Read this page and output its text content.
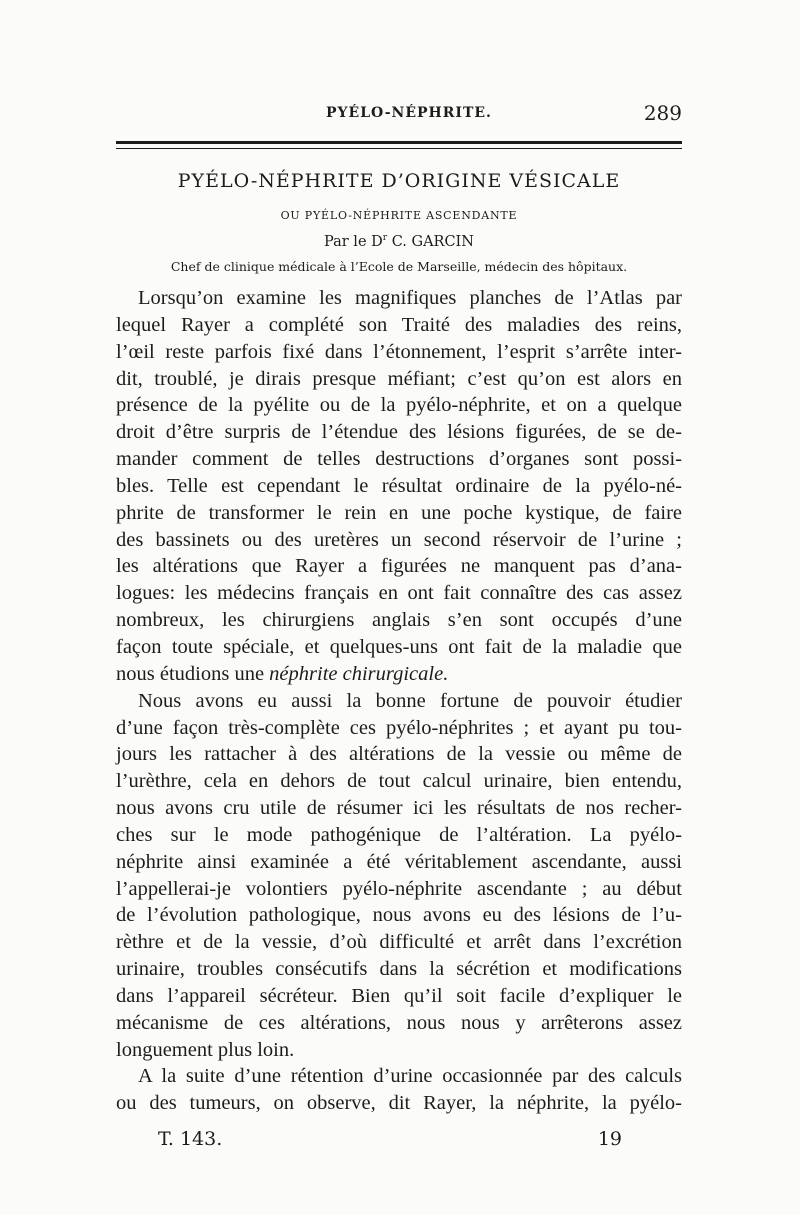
PYÉLO-NÉPHRITE.	289
PYÉLO-NÉPHRITE D’ORIGINE VÉSICALE
OU PYÉLO-NÉPHRITE ASCENDANTE
Par le $D^r$ C. GARCIN
Chef de clinique médicale à l’Ecole de Marseille, médecin des hôpitaux.
Lorsqu’on examine les magnifiques planches de l’Atlas par
lequel Rayer a complété son Traité des maladies des reins,
l’œil reste parfois fixé dans l’étonnement, l’esprit s’arrête inter-
dit, troublé, je dirais presque méfiant; c’est qu’on est alors en
présence de la pyélite ou de la pyélo-néphrite, et on a quelque
droit d’être surpris de l’étendue des lésions figurées, de se de-
mander comment de telles destructions d’organes sont possi-
bles. Telle est cependant le résultat ordinaire de la pyélo-né-
phrite de transformer le rein en une poche kystique, de faire
des bassinets ou des uretères un second réservoir de l’urine ;
les altérations que Rayer a figurées ne manquent pas d’ana-
logues: les médecins français en ont fait connaître des cas assez
nombreux, les chirurgiens anglais s’en sont occupés d’une
façon toute spéciale, et quelques-uns ont fait de la maladie que
nous étudions une néphrite chirurgicale.
Nous avons eu aussi la bonne fortune de pouvoir étudier
d’une façon très-complète ces pyélo-néphrites ; et ayant pu tou-
jours les rattacher à des altérations de la vessie ou même de
l’urèthre, cela en dehors de tout calcul urinaire, bien entendu,
nous avons cru utile de résumer ici les résultats de nos recher-
ches sur le mode pathogénique de l’altération. La pyélo-
néphrite ainsi examinée a été véritablement ascendante, aussi
l’appellerai-je volontiers pyélo-néphrite ascendante ; au début
de l’évolution pathologique, nous avons eu des lésions de l’u-
rèthre et de la vessie, d’où difficulté et arrêt dans l’excrétion
urinaire, troubles consécutifs dans la sécrétion et modifications
dans l’appareil sécréteur. Bien qu’il soit facile d’expliquer le
mécanisme de ces altérations, nous nous y arrêterons assez
longuement plus loin.
A la suite d’une rétention d’urine occasionnée par des calculs
ou des tumeurs, on observe, dit Rayer, la néphrite, la pyélo-
T. 143.	19
